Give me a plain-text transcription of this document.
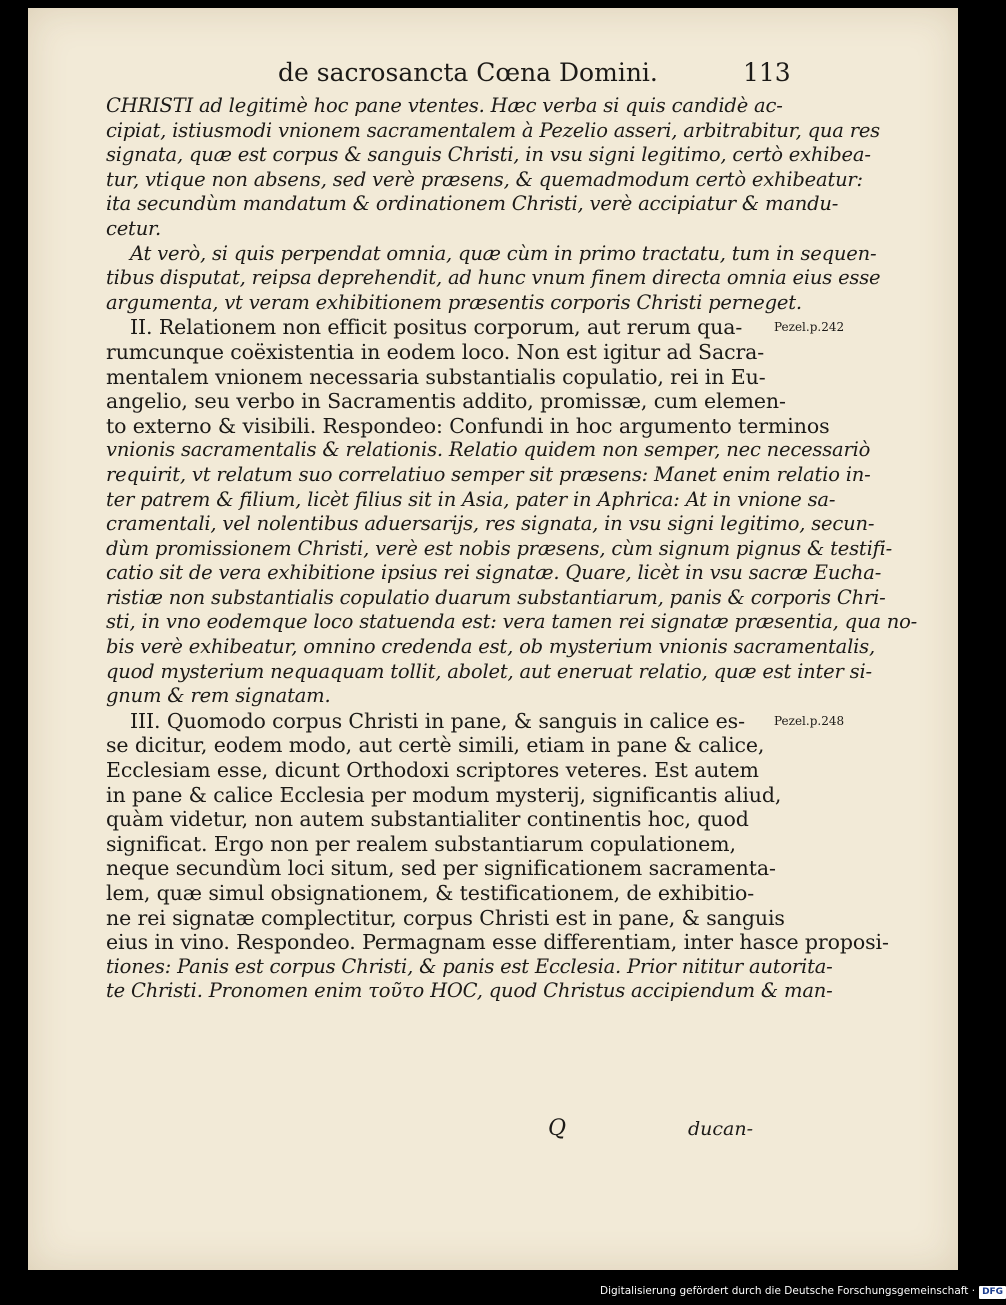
de sacrosancta Cœna Domini.	113
CHRISTI ad legitimè hoc pane vtentes. Hæc verba si quis candidè ac-
cipiat, istiusmodi vnionem sacramentalem à Pezelio asseri, arbitrabitur, qua res
signata, quæ est corpus & sanguis Christi, in vsu signi legitimo, certò exhibea-
tur, vtique non absens, sed verè præsens, & quemadmodum certò exhibeatur:
ita secundùm mandatum & ordinationem Christi, verè accipiatur & mandu-
cetur.
At verò, si quis perpendat omnia, quæ cùm in primo tractatu, tum in sequen-
tibus disputat, reipsa deprehendit, ad hunc vnum finem directa omnia eius esse
argumenta, vt veram exhibitionem præsentis corporis Christi perneget.
II. Relationem non efficit positus corporum, aut rerum qua-
rumcunque coëxistentia in eodem loco. Non est igitur ad Sacra-
mentalem vnionem necessaria substantialis copulatio, rei in Eu-
angelio, seu verbo in Sacramentis addito, promissæ, cum elemen-
to externo & visibili. Respondeo: Confundi in hoc argumento terminos
vnionis sacramentalis & relationis. Relatio quidem non semper, nec necessariò
requirit, vt relatum suo correlatiuo semper sit præsens: Manet enim relatio in-
ter patrem & filium, licèt filius sit in Asia, pater in Aphrica: At in vnione sa-
cramentali, vel nolentibus aduersarijs, res signata, in vsu signi legitimo, secun-
dùm promissionem Christi, verè est nobis præsens, cùm signum pignus & testifi-
catio sit de vera exhibitione ipsius rei signatæ. Quare, licèt in vsu sacræ Eucha-
ristiæ non substantialis copulatio duarum substantiarum, panis & corporis Chri-
sti, in vno eodemque loco statuenda est: vera tamen rei signatæ præsentia, qua no-
bis verè exhibeatur, omnino credenda est, ob mysterium vnionis sacramentalis,
quod mysterium nequaquam tollit, abolet, aut eneruat relatio, quæ est inter si-
gnum & rem signatam.
III. Quomodo corpus Christi in pane, & sanguis in calice es-
se dicitur, eodem modo, aut certè simili, etiam in pane & calice,
Ecclesiam esse, dicunt Orthodoxi scriptores veteres. Est autem
in pane & calice Ecclesia per modum mysterij, significantis aliud,
quàm videtur, non autem substantialiter continentis hoc, quod
significat. Ergo non per realem substantiarum copulationem,
neque secundùm loci situm, sed per significationem sacramenta-
lem, quæ simul obsignationem, & testificationem, de exhibitio-
ne rei signatæ complectitur, corpus Christi est in pane, & sanguis
eius in vino. Respondeo. Permagnam esse differentiam, inter hasce proposi-
tiones: Panis est corpus Christi, & panis est Ecclesia. Prior nititur autorita-
te Christi. Pronomen enim τοῦτο HOC, quod Christus accipiendum & man-
Pezel.p.242
Pezel.p.248
Q	ducan-
Digitalisierung gefördert durch die Deutsche Forschungsgemeinschaft · DFG
